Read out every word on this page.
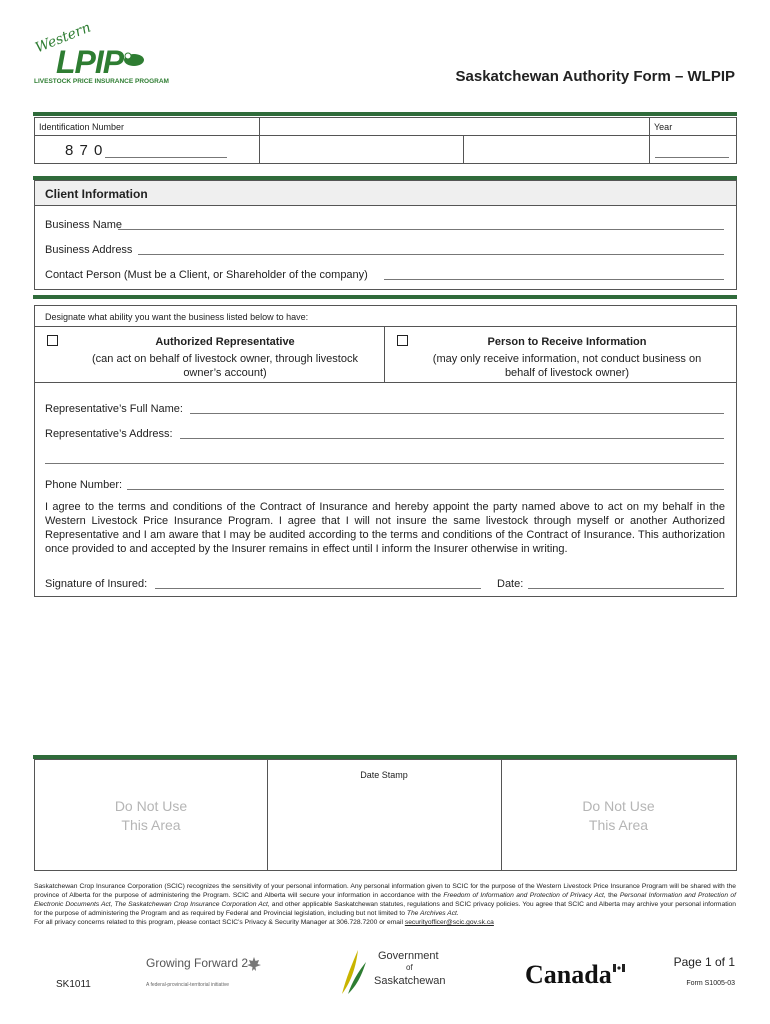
Western
LPIP
LIVESTOCK PRICE INSURANCE PROGRAM	Saskatchewan Authority Form – WLPIP
Identification Number	Year
8 7 0
Client Information
Business Name
Business Address
Contact Person (Must be a Client, or Shareholder of the company)
Designate what ability you want the business listed below to have:
Authorized Representative
(can act on behalf of livestock owner, through livestock owner’s account)
Person to Receive Information
(may only receive information, not conduct business on behalf of livestock owner)
Representative’s Full Name:
Representative’s Address:
Phone Number:
I agree to the terms and conditions of the Contract of Insurance and hereby appoint the party named above to act on my behalf in the Western Livestock Price Insurance Program. I agree that I will not insure the same livestock through myself or another Authorized Representative and I am aware that I may be audited according to the terms and conditions of the Contract of Insurance. This authorization once provided to and accepted by the Insurer remains in effect until I inform the Insurer otherwise in writing.
Signature of Insured:	Date:
Date Stamp
Do Not Use
This Area
Do Not Use
This Area
Saskatchewan Crop Insurance Corporation (SCIC) recognizes the sensitivity of your personal information. Any personal information given to SCIC for the purpose of the Western Livestock Price Insurance Program will be shared with the province of Alberta for the purpose of administering the Program. SCIC and Alberta will secure your information in accordance with the Freedom of Information and Protection of Privacy Act, the Personal Information and Protection of Electronic Documents Act, The Saskatchewan Crop Insurance Corporation Act, and other applicable Saskatchewan statutes, regulations and SCIC privacy policies. You agree that SCIC and Alberta may archive your personal information for the purpose of administering the Program and as required by Federal and Provincial legislation, including but not limited to The Archives Act.
For all privacy concerns related to this program, please contact SCIC’s Privacy & Security Manager at 306.728.7200 or email securityofficer@scic.gov.sk.ca
SK1011
Growing Forward 2
A federal-provincial-territorial initiative
Government
of
Saskatchewan	Canada	Page 1 of 1
Form S1005-03
